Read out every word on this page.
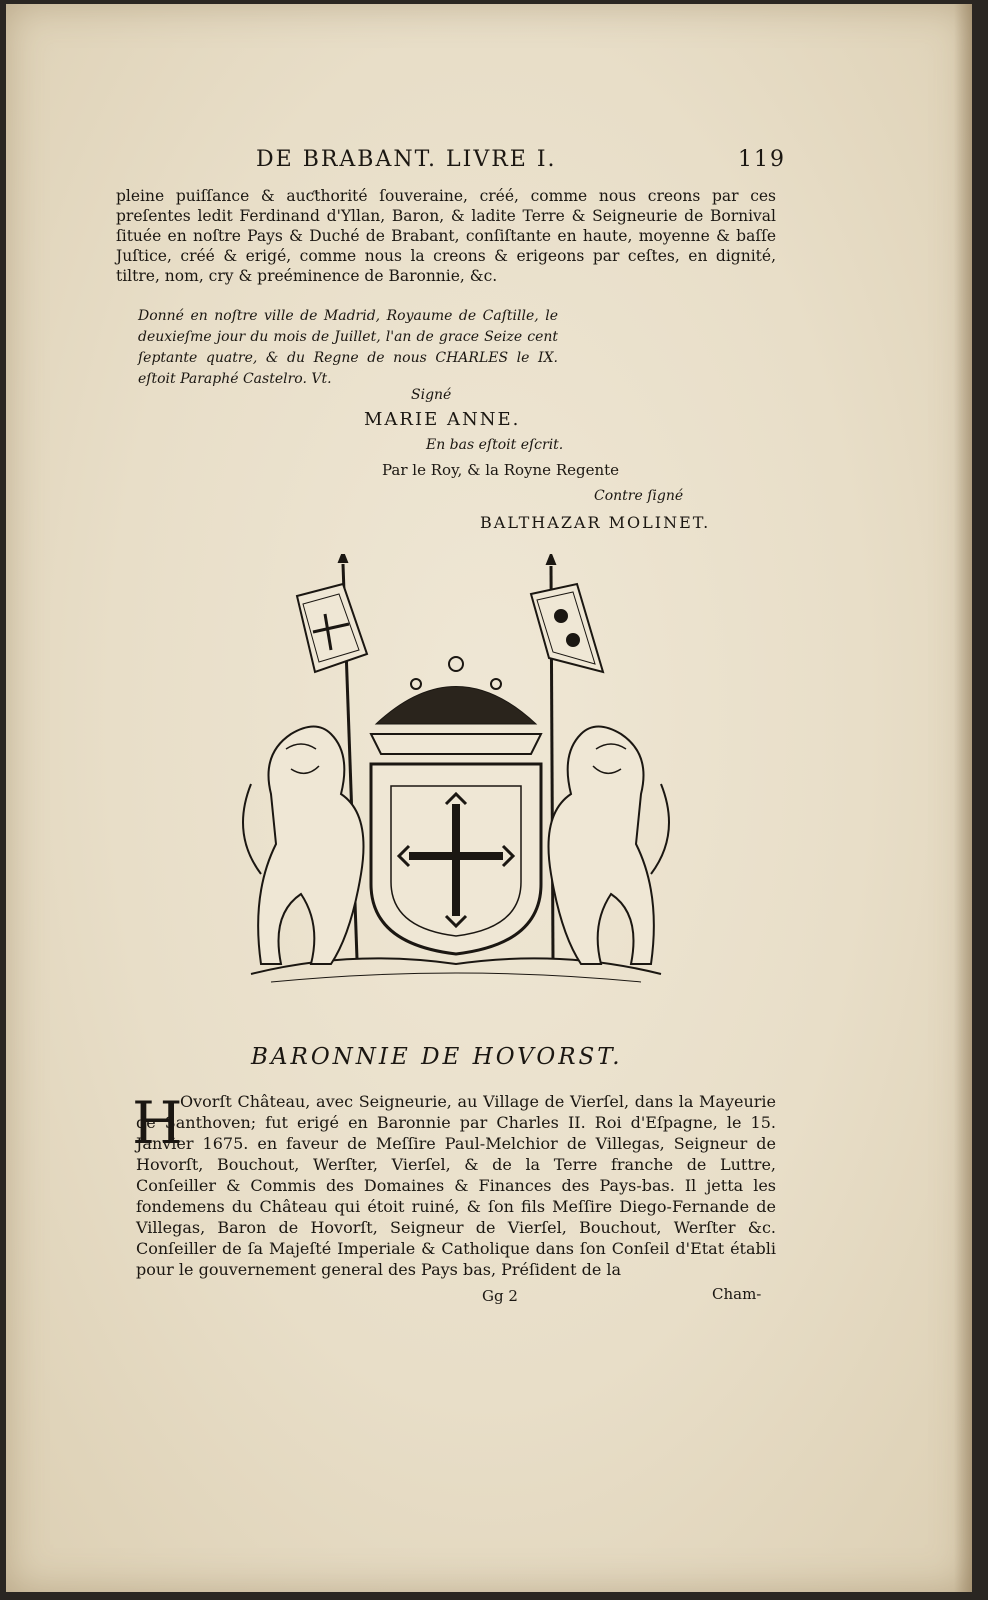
DE BRABANT. LIVRE I.	119

pleine puiſſance & auƈthorité ſouveraine, créé, comme nous creons par ces preſentes ledit Ferdinand d'Yllan, Baron, & ladite Terre & Seigneurie de Bornival ſituée en noſtre Pays & Duché de Brabant, conſiſtante en haute, moyenne & baſſe Juſtice, créé & erigé, comme nous la creons & erigeons par ceſtes, en dignité, tiltre, nom, cry & preéminence de Baronnie, &c.

Donné en noſtre ville de Madrid, Royaume de Caſtille, le deuxieſme jour du mois de Juillet, l'an de grace Seize cent ſeptante quatre, & du Regne de nous CHARLES le IX. eſtoit Paraphé Castelro. Vt.
Signé
MARIE ANNE.
En bas eſtoit eſcrit.
Par le Roy, & la Royne Regente
Contre ſigné
BALTHAZAR MOLINET.
BARONNIE DE HOVORST.
H

Ovorſt Château, avec Seigneurie, au Village de Vierſel, dans la Mayeurie de Santhoven; fut erigé en Baronnie par Charles II. Roi d'Eſpagne, le 15. Janvier 1675. en faveur de Meſſire Paul-Melchior de Villegas, Seigneur de Hovorſt, Bouchout, Werſter, Vierſel, & de la Terre franche de Luttre, Conſeiller & Commis des Domaines & Finances des Pays-bas. Il jetta les fondemens du Château qui étoit ruiné, & ſon fils Meſſire Diego-Fernande de Villegas, Baron de Hovorſt, Seigneur de Vierſel, Bouchout, Werſter &c. Conſeiller de ſa Majeſté Imperiale & Catholique dans ſon Conſeil d'Etat établi pour le gouvernement general des Pays bas, Préſident de la

Gg 2	Cham-
